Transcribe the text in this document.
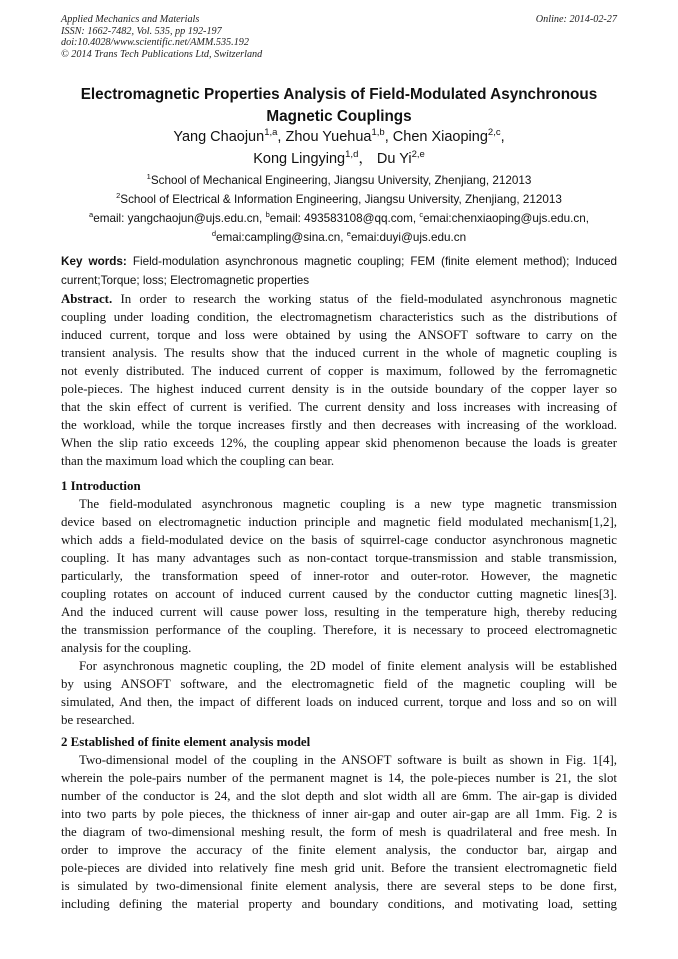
Applied Mechanics and Materials
ISSN: 1662-7482, Vol. 535, pp 192-197
doi:10.4028/www.scientific.net/AMM.535.192
© 2014 Trans Tech Publications Ltd, Switzerland
Online: 2014-02-27
Electromagnetic Properties Analysis of Field-Modulated Asynchronous
Magnetic Couplings
Yang Chaojun$^{1,a}$, Zhou Yuehua$^{1,b}$, Chen Xiaoping$^{2,c}$,
Kong Lingying$^{1,d}$， Du Yi$^{2,e}$
$^1$School of Mechanical Engineering, Jiangsu University, Zhenjiang, 212013
$^2$School of Electrical & Information Engineering, Jiangsu University, Zhenjiang, 212013
$^a$email: yangchaojun@ujs.edu.cn, $^b$email: 493583108@qq.com, $^c$emai:chenxiaoping@ujs.edu.cn,
$^d$emai:campling@sina.cn, $^e$emai:duyi@ujs.edu.cn
Key words: Field-modulation asynchronous magnetic coupling; FEM (finite element method); Induced current;Torque; loss; Electromagnetic properties
Abstract. In order to research the working status of the field-modulated asynchronous magnetic
coupling under loading condition, the electromagnetism characteristics such as the distributions of
induced current, torque and loss were obtained by using the ANSOFT software to carry on the
transient analysis. The results show that the induced current in the whole of magnetic coupling is
not evenly distributed. The induced current of copper is maximum, followed by the ferromagnetic
pole-pieces. The highest induced current density is in the outside boundary of the copper layer so
that the skin effect of current is verified. The current density and loss increases with increasing of
the workload, while the torque increases firstly and then decreases with increasing of the workload.
When the slip ratio exceeds 12%, the coupling appear skid phenomenon because the loads is greater
than the maximum load which the coupling can bear.
1 Introduction
The field-modulated asynchronous magnetic coupling is a new type magnetic transmission
device based on electromagnetic induction principle and magnetic field modulated mechanism[1,2],
which adds a field-modulated device on the basis of squirrel-cage conductor asynchronous magnetic
coupling. It has many advantages such as non-contact torque-transmission and stable transmission,
particularly, the transformation speed of inner-rotor and outer-rotor. However, the magnetic
coupling rotates on account of induced current caused by the conductor cutting magnetic lines[3].
And the induced current will cause power loss, resulting in the temperature high, thereby reducing
the transmission performance of the coupling. Therefore, it is necessary to proceed electromagnetic
analysis for the coupling.
For asynchronous magnetic coupling, the 2D model of finite element analysis will be established
by using ANSOFT software, and the electromagnetic field of the magnetic coupling will be
simulated, And then, the impact of different loads on induced current, torque and loss and so on will
be researched.
2 Established of finite element analysis model
Two-dimensional model of the coupling in the ANSOFT software is built as shown in Fig. 1[4],
wherein the pole-pairs number of the permanent magnet is 14, the pole-pieces number is 21, the slot
number of the conductor is 24, and the slot depth and slot width all are 6mm. The air-gap is divided
into two parts by pole pieces, the thickness of inner air-gap and outer air-gap are all 1mm. Fig. 2 is
the diagram of two-dimensional meshing result, the form of mesh is quadrilateral and free mesh. In
order to improve the accuracy of the finite element analysis, the conductor bar, airgap and
pole-pieces are divided into relatively fine mesh grid unit. Before the transient electromagnetic field
is simulated by two-dimensional finite element analysis, there are several steps to be done first,
including defining the material property and boundary conditions, and motivating load, setting
